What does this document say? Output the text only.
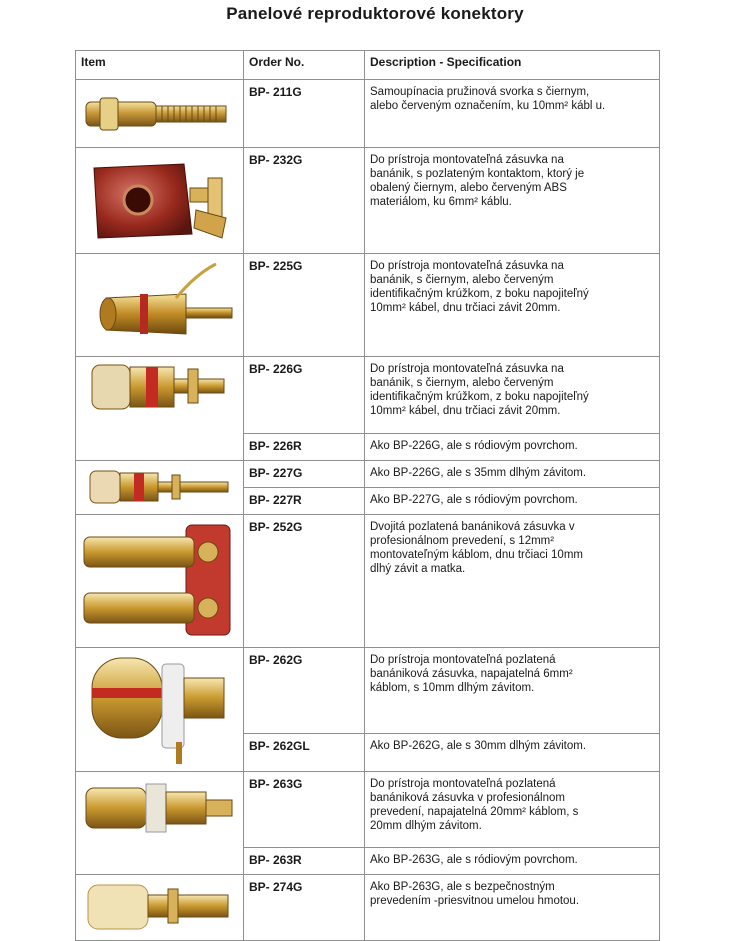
Panelové reproduktorové konektory
Item	Order No.	Description - Specification

	BP- 211G	Samoupínacia pružinová svorka s čiernym,
alebo červeným označením, ku 10mm² kábl u.

	BP- 232G	Do prístroja montovateľná zásuvka na
banánik, s pozlateným kontaktom, ktorý je
obalený čiernym, alebo červeným ABS
materiálom, ku 6mm² káblu.

	BP- 225G	Do prístroja montovateľná zásuvka na
banánik, s čiernym, alebo červeným
identifikačným krúžkom, z boku napojiteľný
10mm² kábel, dnu trčiaci závit 20mm.

	BP- 226G	Do prístroja montovateľná zásuvka na
banánik, s čiernym, alebo červeným
identifikačným krúžkom, z boku napojiteľný
10mm² kábel, dnu trčiaci závit 20mm.
	BP- 226R	Ako BP-226G, ale s ródiovým povrchom.

	BP- 227G	Ako BP-226G, ale s 35mm dlhým závitom.
	BP- 227R	Ako BP-227G, ale s ródiovým povrchom.

	BP- 252G	Dvojitá pozlatená banániková zásuvka v
profesionálnom prevedení, s 12mm²
montovateľným káblom, dnu trčiaci 10mm
dlhý závit a matka.

	BP- 262G	Do prístroja montovateľná pozlatená
banániková zásuvka, napajatelná 6mm²
káblom, s 10mm dlhým závitom.
	BP- 262GL	Ako BP-262G, ale s 30mm dlhým závitom.

	BP- 263G	Do prístroja montovateľná pozlatená
banániková zásuvka v profesionálnom
prevedení, napajatelná 20mm² káblom, s
20mm dlhým závitom.
	BP- 263R	Ako BP-263G, ale s ródiovým povrchom.

	BP- 274G	Ako BP-263G, ale s bezpečnostným
prevedením -priesvitnou umelou hmotou.
